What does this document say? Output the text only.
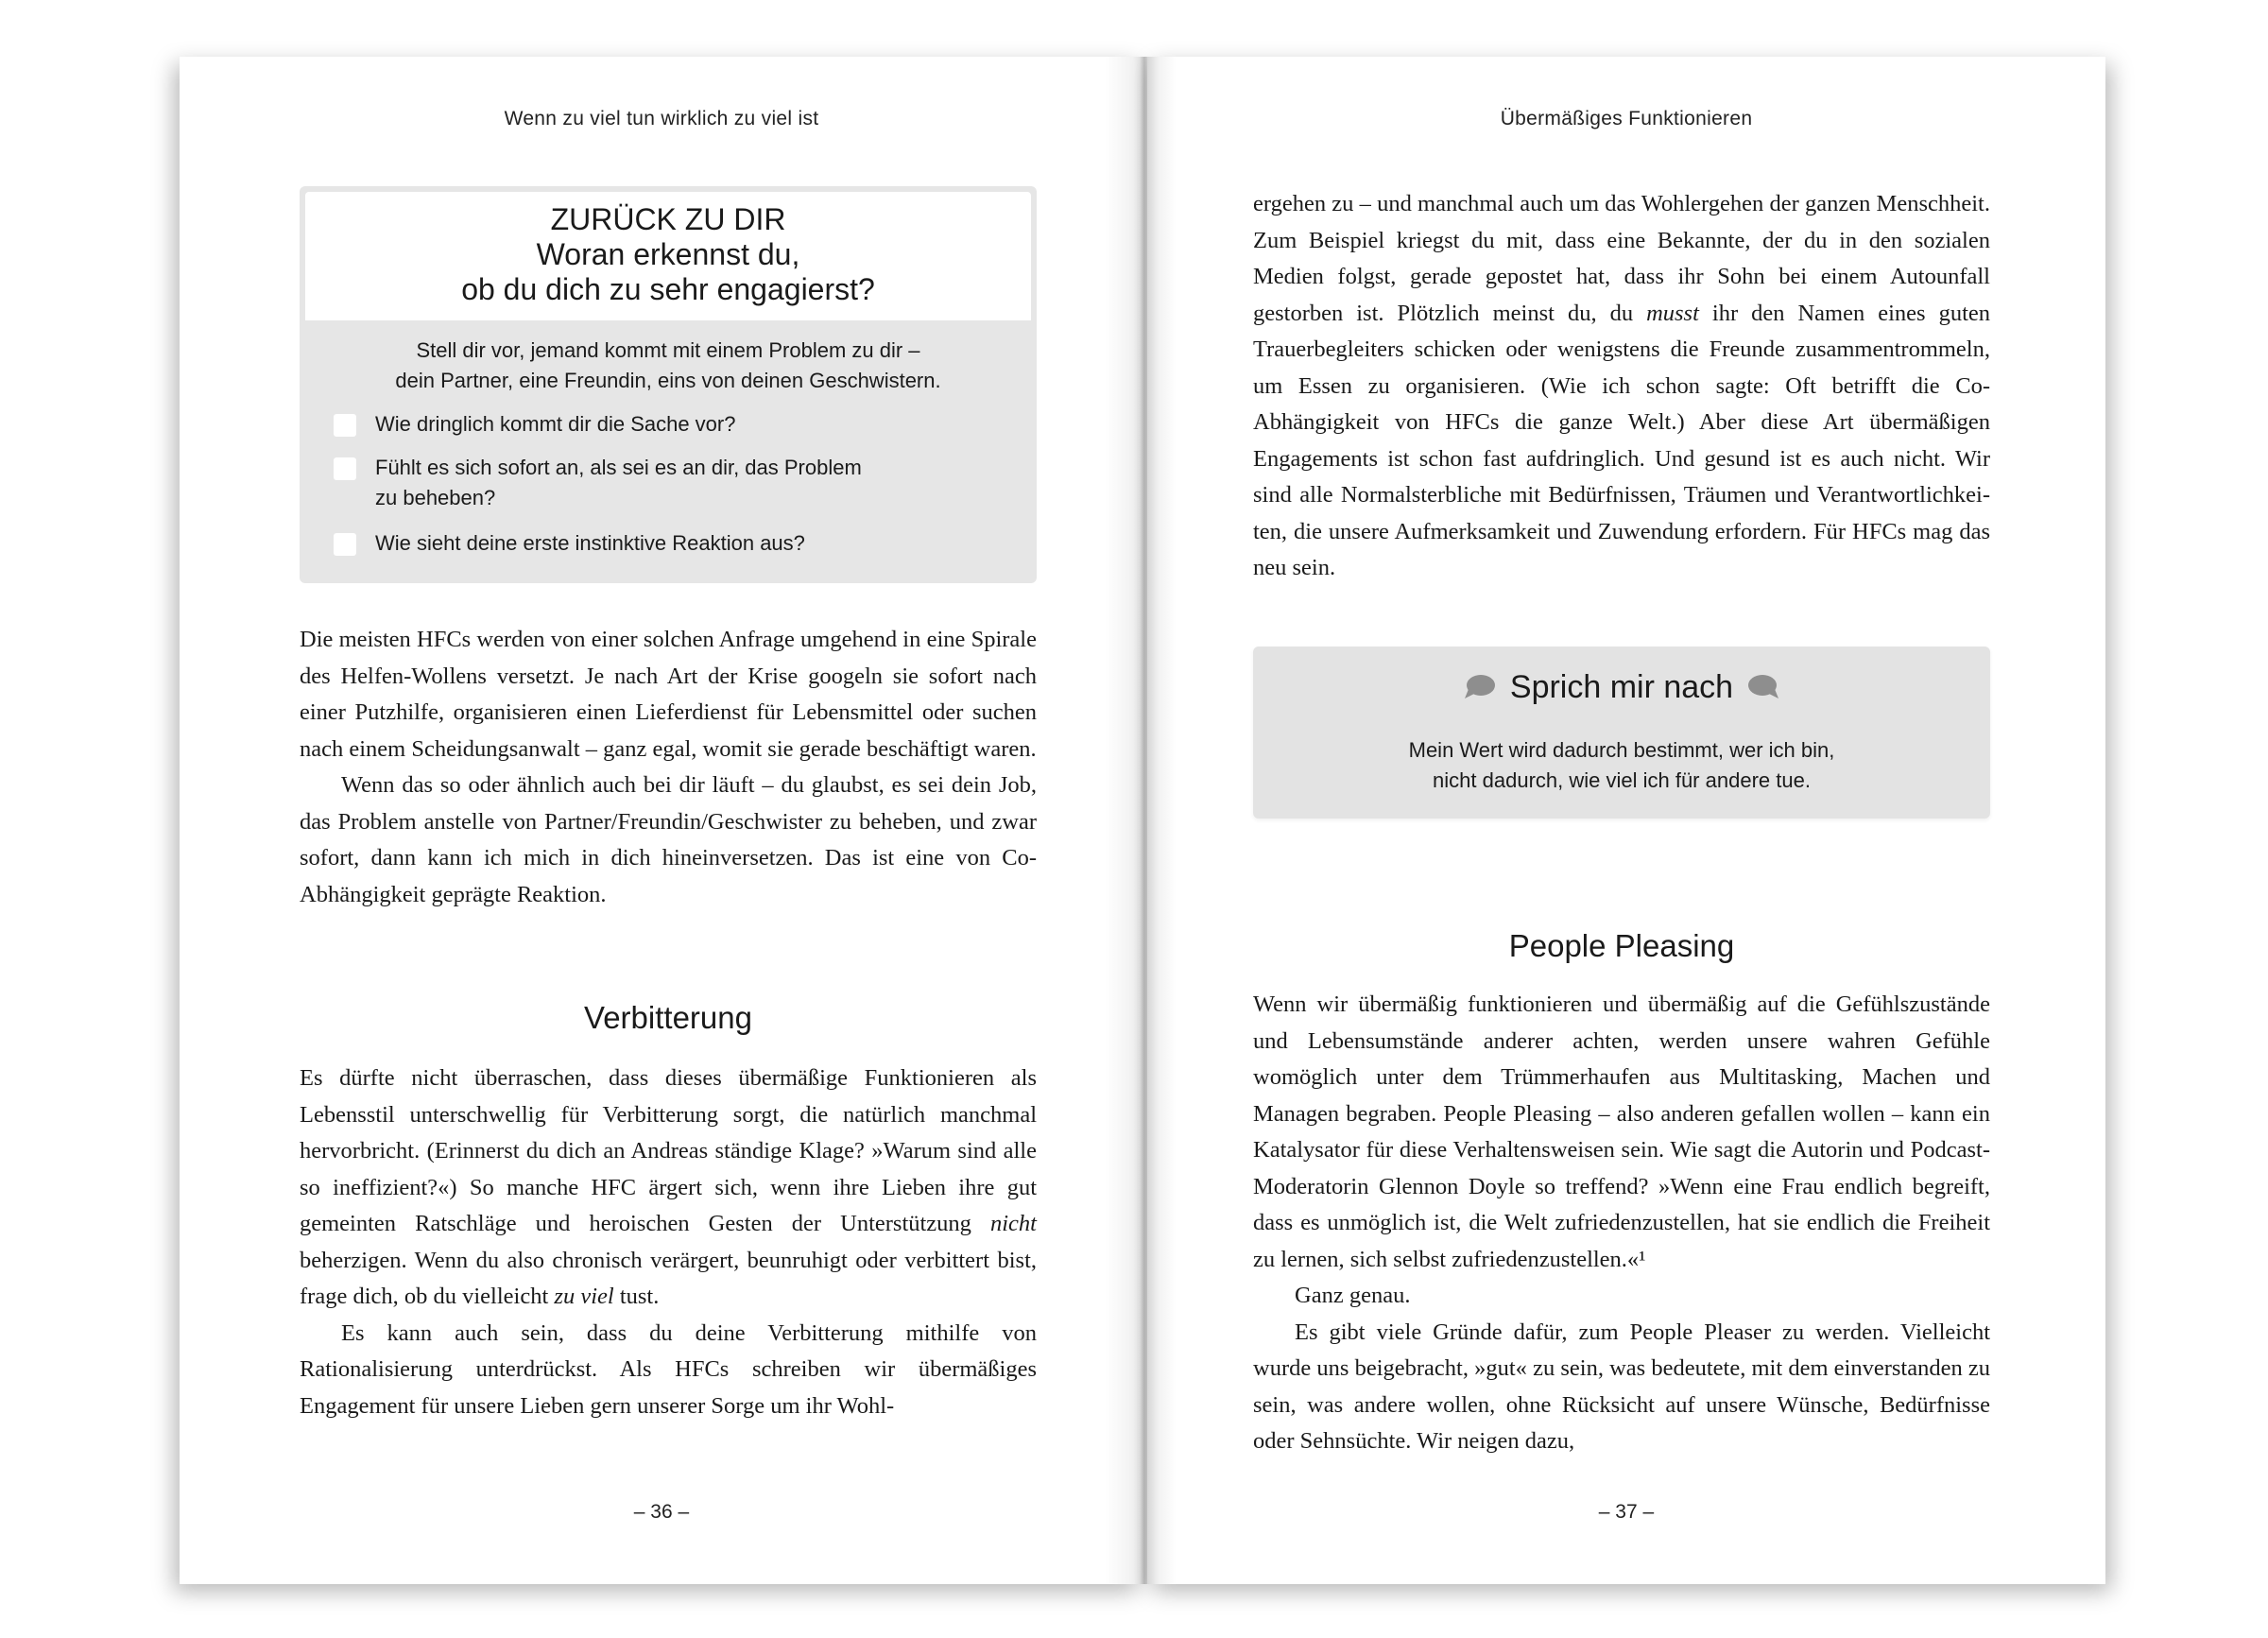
Wenn zu viel tun wirklich zu viel ist
ZURÜCK ZU DIR
Woran erkennst du,
ob du dich zu sehr engagierst?
Stell dir vor, jemand kommt mit einem Problem zu dir –
dein Partner, eine Freundin, eins von deinen Geschwistern.
Wie dringlich kommt dir die Sache vor?
Fühlt es sich sofort an, als sei es an dir, das Problem
zu beheben?
Wie sieht deine erste instinktive Reaktion aus?

Die meisten HFCs werden von einer solchen Anfrage umgehend in eine Spirale des Helfen-Wollens versetzt. Je nach Art der Krise googeln sie sofort nach einer Putzhilfe, organisieren einen Lieferdienst für Lebensmittel oder suchen nach einem Scheidungsanwalt – ganz egal, womit sie gerade beschäftigt waren.

Wenn das so oder ähnlich auch bei dir läuft – du glaubst, es sei dein Job, das Problem anstelle von Partner/Freundin/Geschwister zu beheben, und zwar sofort, dann kann ich mich in dich hineinversetzen. Das ist eine von Co-Abhängigkeit geprägte Reaktion.

Verbitterung

Es dürfte nicht überraschen, dass dieses übermäßige Funktionieren als Lebensstil unterschwellig für Verbitterung sorgt, die natürlich manchmal hervorbricht. (Erinnerst du dich an Andreas ständige Klage? »Warum sind alle so ineffizient?«) So manche HFC ärgert sich, wenn ihre Lieben ihre gut gemeinten Ratschläge und heroischen Gesten der Unterstützung nicht beherzigen. Wenn du also chronisch verärgert, beunruhigt oder verbittert bist, frage dich, ob du vielleicht zu viel tust.

Es kann auch sein, dass du deine Verbitterung mithilfe von Rationalisierung unterdrückst. Als HFCs schreiben wir übermäßiges Engagement für unsere Lieben gern unserer Sorge um ihr Wohl-

– 36 –
Übermäßiges Funktionieren

ergehen zu – und manchmal auch um das Wohlergehen der ganzen Menschheit. Zum Beispiel kriegst du mit, dass eine Bekannte, der du in den sozialen Medien folgst, gerade gepostet hat, dass ihr Sohn bei einem Autounfall gestorben ist. Plötzlich meinst du, du musst ihr den Namen eines guten Trauerbegleiters schicken oder wenigstens die Freunde zusammentrommeln, um Essen zu organisieren. (Wie ich schon sagte: Oft betrifft die Co-Abhängigkeit von HFCs die ganze Welt.) Aber diese Art übermäßigen Engagements ist schon fast aufdringlich. Und gesund ist es auch nicht. Wir sind alle Normalsterbliche mit Bedürfnissen, Träumen und Verantwortlichkeiten, die unsere Aufmerksamkeit und Zuwendung erfordern. Für HFCs mag das neu sein.

Sprich mir nach
Mein Wert wird dadurch bestimmt, wer ich bin,
nicht dadurch, wie viel ich für andere tue.
People Pleasing

Wenn wir übermäßig funktionieren und übermäßig auf die Gefühlszustände und Lebensumstände anderer achten, werden unsere wahren Gefühle womöglich unter dem Trümmerhaufen aus Multitasking, Machen und Managen begraben. People Pleasing – also anderen gefallen wollen – kann ein Katalysator für diese Verhaltensweisen sein. Wie sagt die Autorin und Podcast-Moderatorin Glennon Doyle so treffend? »Wenn eine Frau endlich begreift, dass es unmöglich ist, die Welt zufriedenzustellen, hat sie endlich die Freiheit zu lernen, sich selbst zufriedenzustellen.«¹

Ganz genau.

Es gibt viele Gründe dafür, zum People Pleaser zu werden. Vielleicht wurde uns beigebracht, »gut« zu sein, was bedeutete, mit dem einverstanden zu sein, was andere wollen, ohne Rücksicht auf unsere Wünsche, Bedürfnisse oder Sehnsüchte. Wir neigen dazu,

– 37 –
